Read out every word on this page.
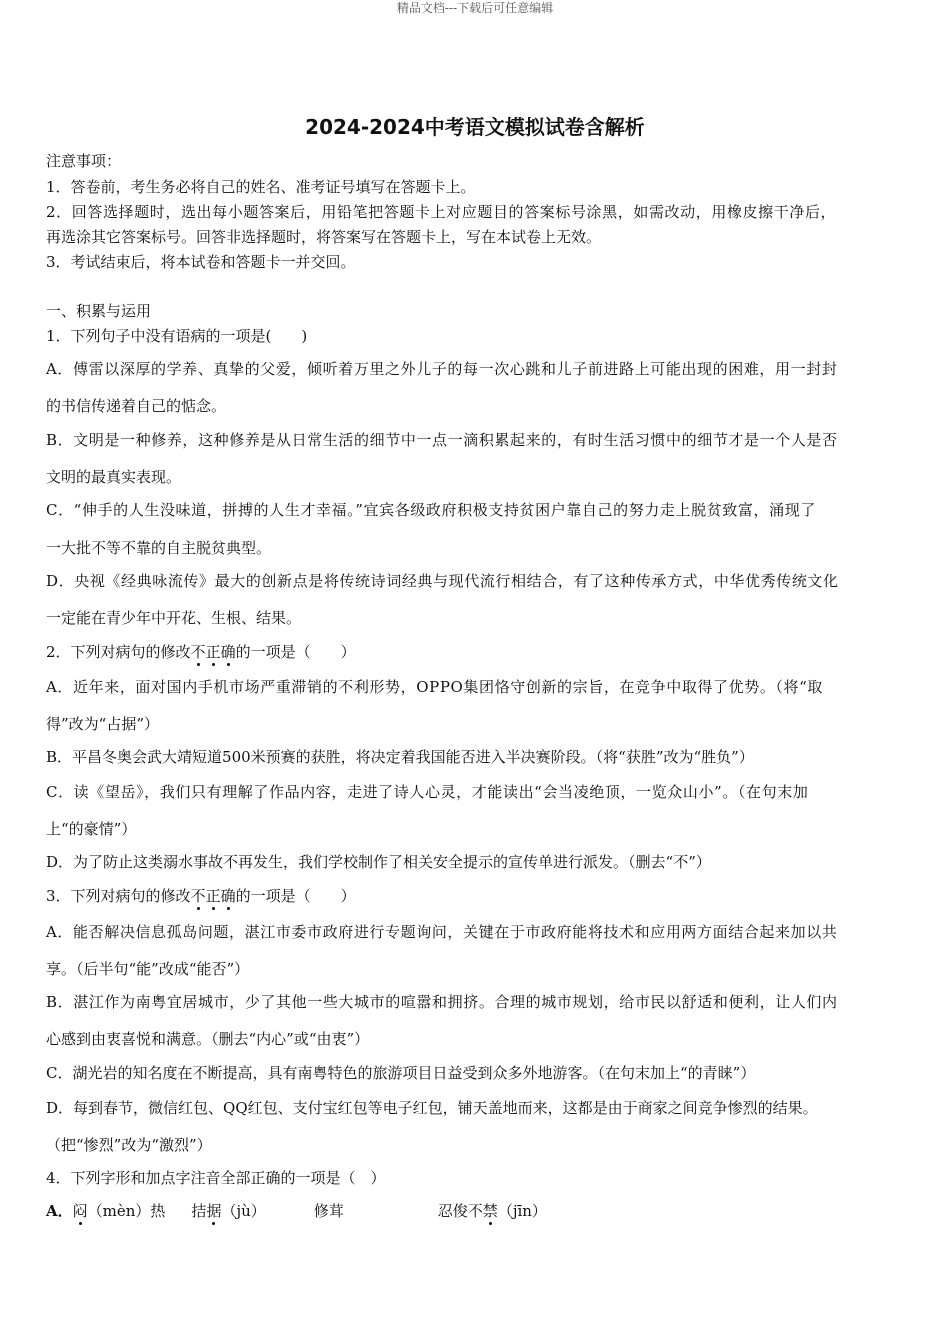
精品文档---下载后可任意编辑
2024-2024中考语文模拟试卷含解析
注意事项：
1．答卷前，考生务必将自己的姓名、准考证号填写在答题卡上。
2．回答选择题时，选出每小题答案后，用铅笔把答题卡上对应题目的答案标号涂黑，如需改动，用橡皮擦干净后，
再选涂其它答案标号。回答非选择题时，将答案写在答题卡上，写在本试卷上无效。
3．考试结束后，将本试卷和答题卡一并交回。
一、积累与运用
1．下列句子中没有语病的一项是(　　)
A．傅雷以深厚的学养、真挚的父爱，倾听着万里之外儿子的每一次心跳和儿子前进路上可能出现的困难，用一封封
的书信传递着自己的惦念。
B．文明是一种修养，这种修养是从日常生活的细节中一点一滴积累起来的，有时生活习惯中的细节才是一个人是否
文明的最真实表现。
C．“伸手的人生没味道，拼搏的人生才幸福。”宜宾各级政府积极支持贫困户靠自己的努力走上脱贫致富，涌现了
一大批不等不靠的自主脱贫典型。
D．央视《经典咏流传》最大的创新点是将传统诗词经典与现代流行相结合，有了这种传承方式，中华优秀传统文化
一定能在青少年中开花、生根、结果。
2．下列对病句的修改不正确的一项是（　　）
A．近年来，面对国内手机市场严重滞销的不利形势，OPPO集团恪守创新的宗旨，在竞争中取得了优势。（将“取
得”改为“占据”）
B．平昌冬奥会武大靖短道500米预赛的获胜，将决定着我国能否进入半决赛阶段。（将“获胜”改为“胜负”）
C．读《望岳》，我们只有理解了作品内容，走进了诗人心灵，才能读出“会当凌绝顶，一览众山小”。（在句末加
上“的豪情”）
D．为了防止这类溺水事故不再发生，我们学校制作了相关安全提示的宣传单进行派发。（删去“不”）
3．下列对病句的修改不正确的一项是（　　）
A．能否解决信息孤岛问题，湛江市委市政府进行专题询问，关键在于市政府能将技术和应用两方面结合起来加以共
享。（后半句“能”改成“能否”）
B．湛江作为南粤宜居城市，少了其他一些大城市的喧嚣和拥挤。合理的城市规划，给市民以舒适和便利，让人们内
心感到由衷喜悦和满意。（删去“内心”或“由衷”）
C．湖光岩的知名度在不断提高，具有南粤特色的旅游项目日益受到众多外地游客。（在句末加上“的青睐”）
D．每到春节，微信红包、QQ红包、支付宝红包等电子红包，铺天盖地而来，这都是由于商家之间竞争惨烈的结果。
（把“惨烈”改为“激烈”）
4．下列字形和加点字注音全部正确的一项是（　）
A．闷（mèn）热 拮据（jù）	修茸	忍俊不禁（jīn）
